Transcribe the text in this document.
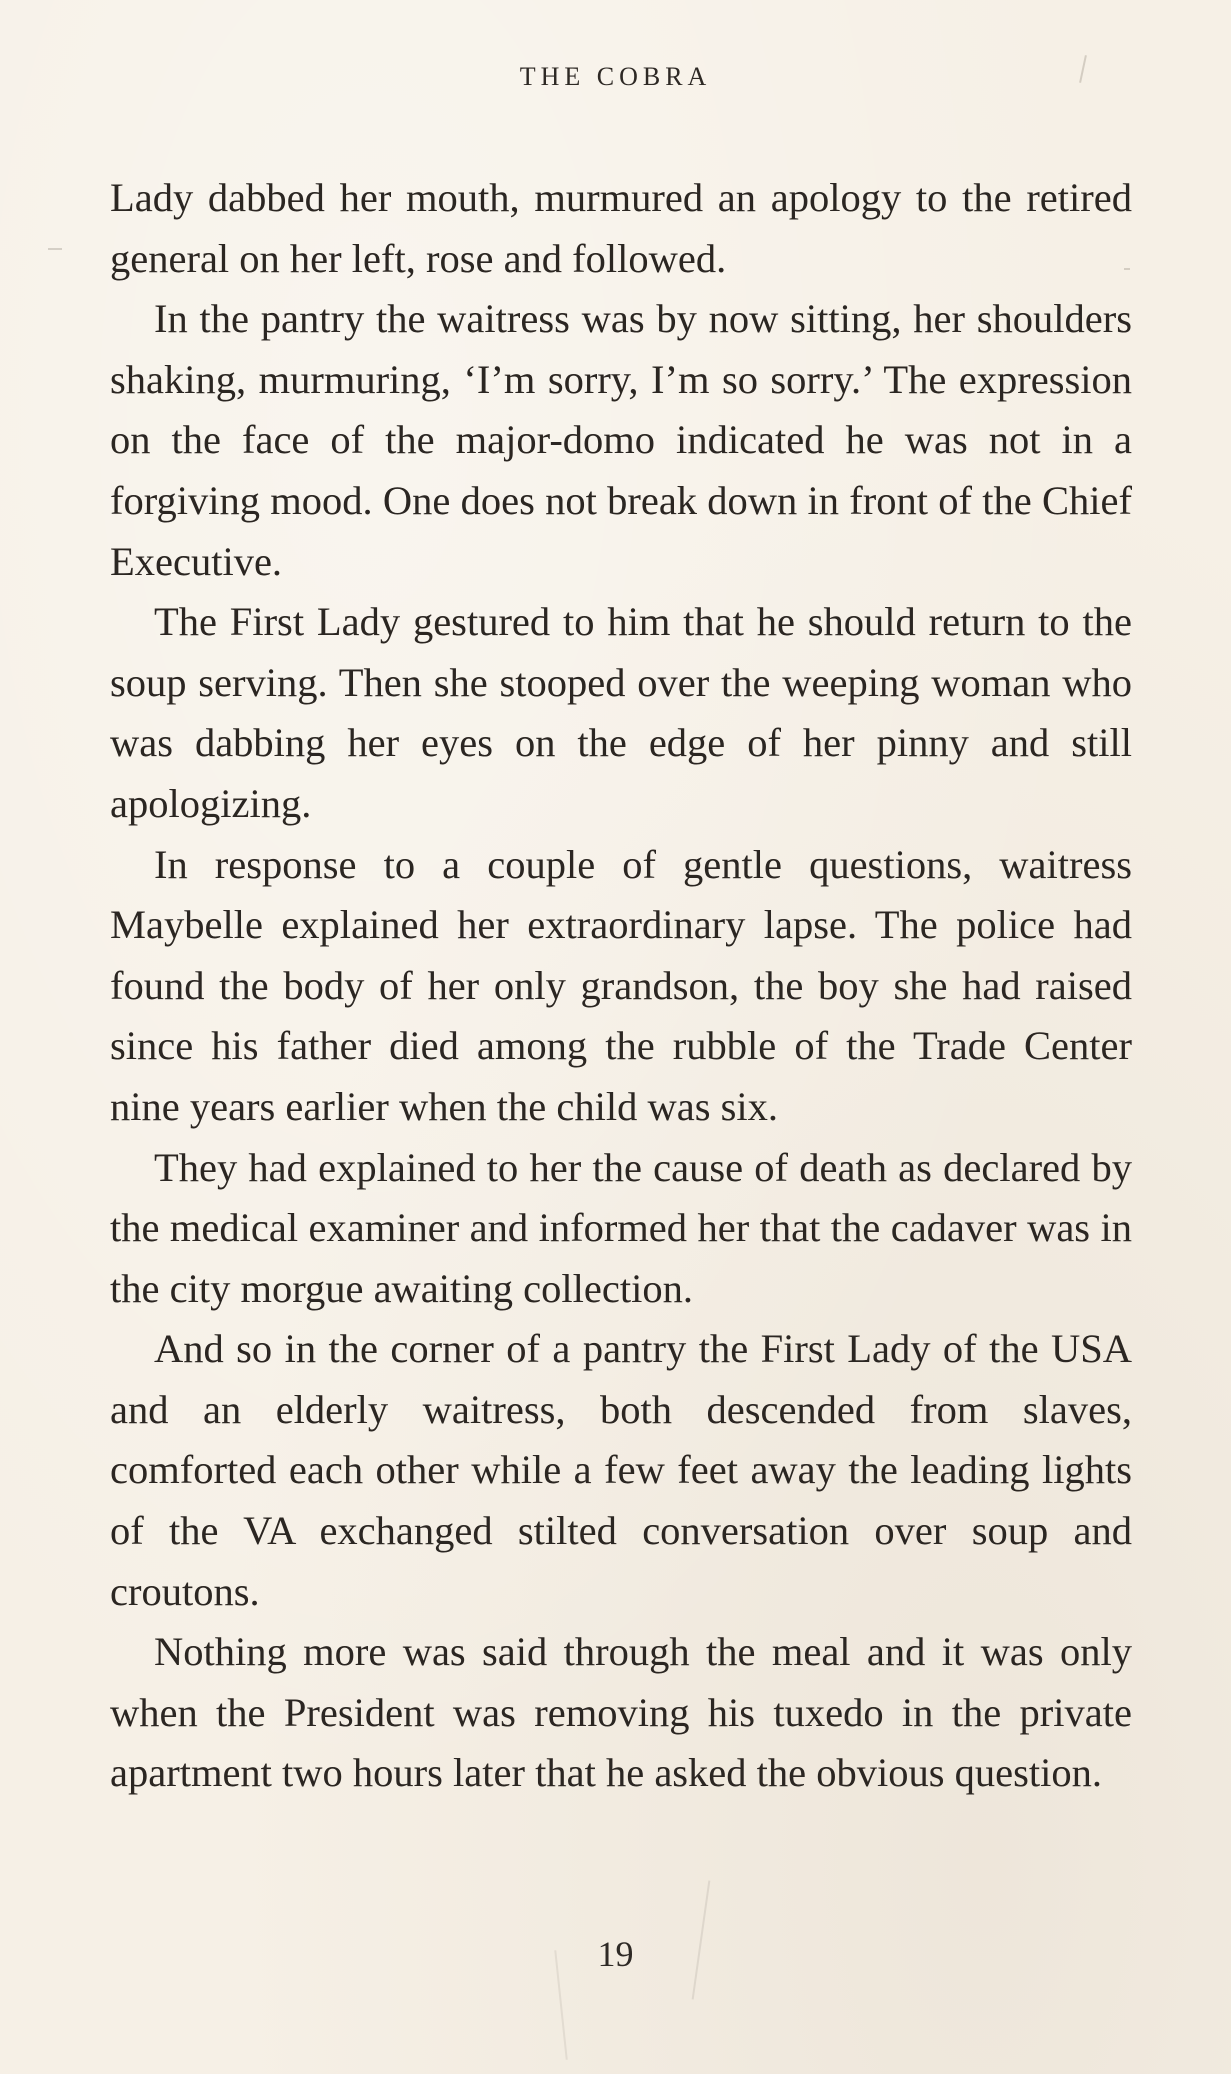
THE COBRA

Lady dabbed her mouth, murmured an apology to the retired general on her left, rose and followed.

In the pantry the waitress was by now sitting, her shoulders shaking, murmuring, ‘I’m sorry, I’m so sorry.’ The expression on the face of the major-domo indicated he was not in a forgiving mood. One does not break down in front of the Chief Executive.

The First Lady gestured to him that he should return to the soup serving. Then she stooped over the weeping woman who was dabbing her eyes on the edge of her pinny and still apologizing.

In response to a couple of gentle questions, waitress Maybelle explained her extraordinary lapse. The police had found the body of her only grandson, the boy she had raised since his father died among the rubble of the Trade Center nine years earlier when the child was six.

They had explained to her the cause of death as declared by the medical examiner and informed her that the cadaver was in the city morgue awaiting collection.

And so in the corner of a pantry the First Lady of the USA and an elderly waitress, both descended from slaves, comforted each other while a few feet away the leading lights of the VA exchanged stilted conversation over soup and croutons.

Nothing more was said through the meal and it was only when the President was removing his tuxedo in the private apartment two hours later that he asked the obvious question.

19
